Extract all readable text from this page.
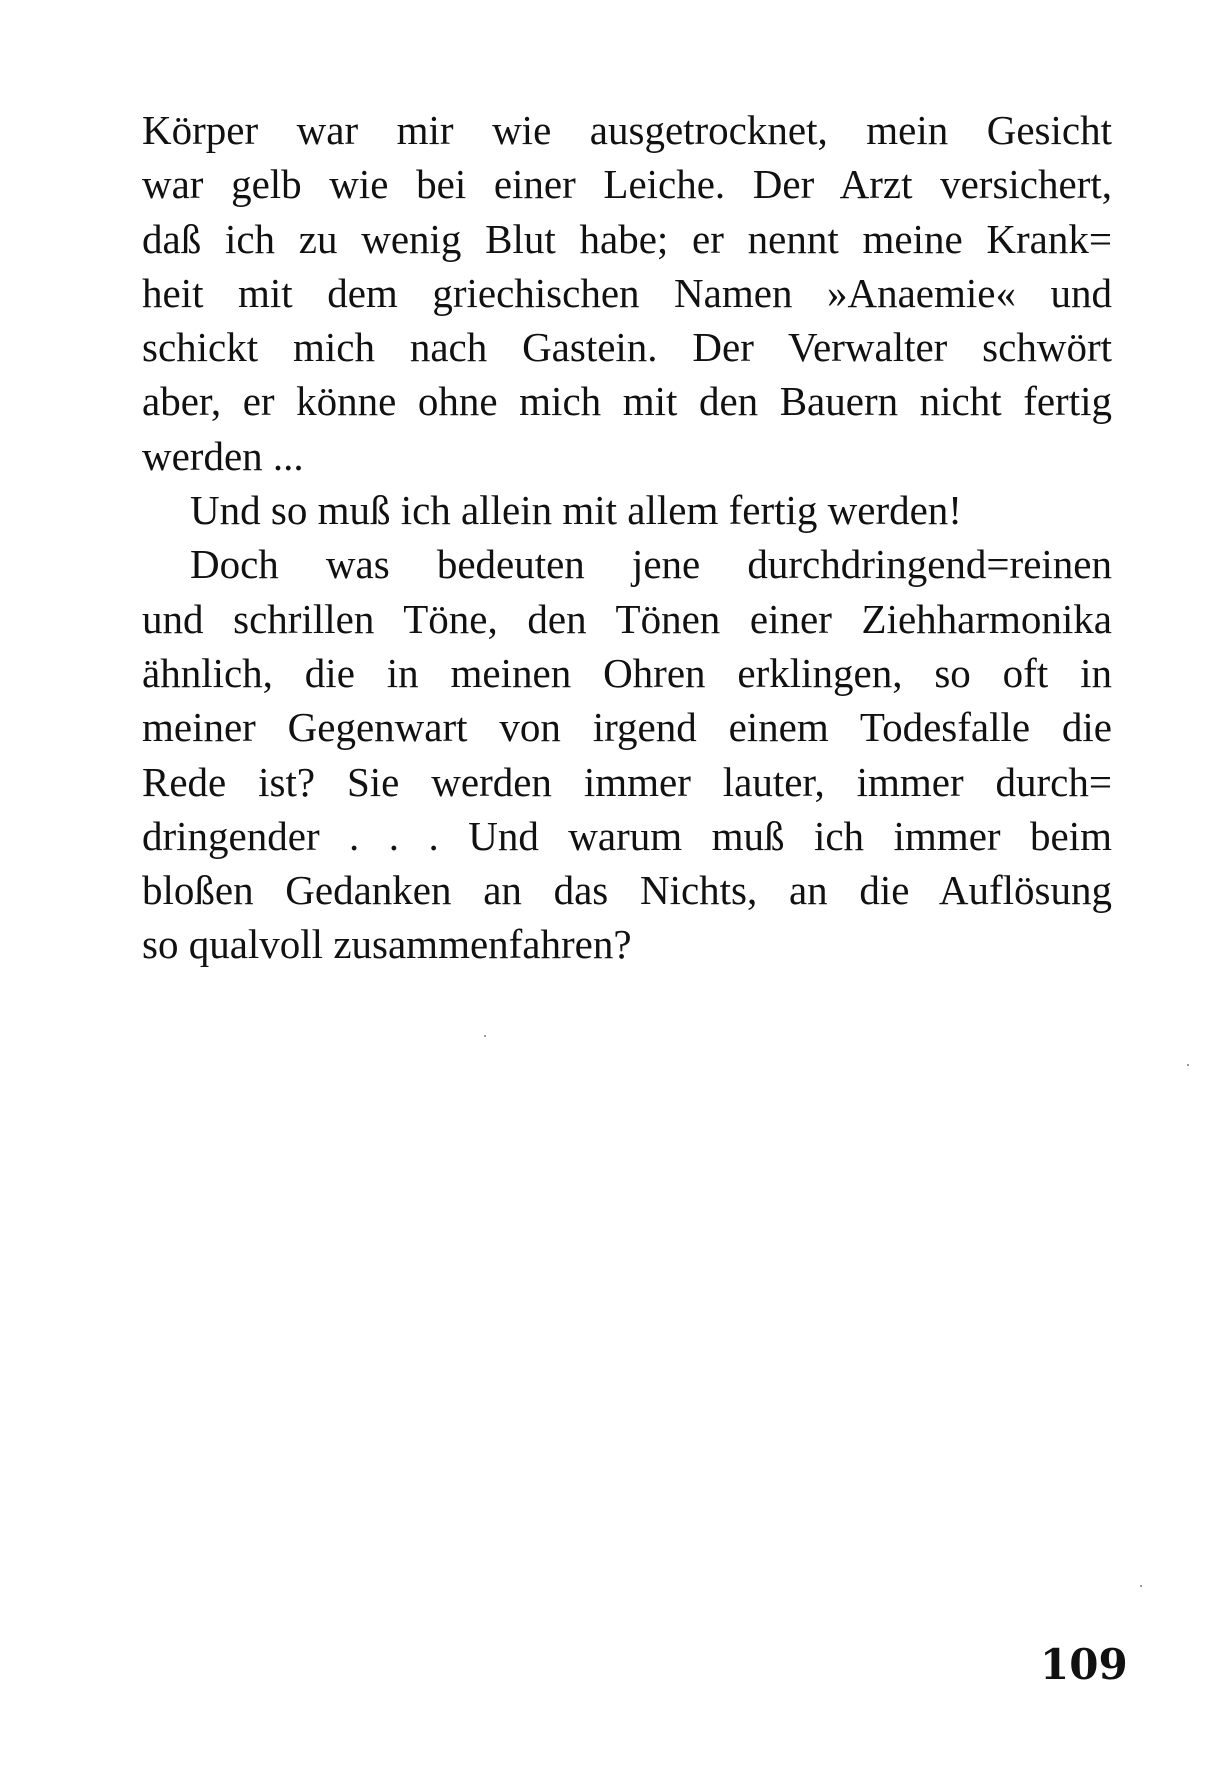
Körper war mir wie ausgetrocknet, mein Gesicht
war gelb wie bei einer Leiche. Der Arzt versichert,
daß ich zu wenig Blut habe; er nennt meine Krank=
heit mit dem griechischen Namen »Anaemie« und
schickt mich nach Gastein. Der Verwalter schwört
aber, er könne ohne mich mit den Bauern nicht fertig
werden ...
Und so muß ich allein mit allem fertig werden!
Doch was bedeuten jene durchdringend=reinen
und schrillen Töne, den Tönen einer Ziehharmonika
ähnlich, die in meinen Ohren erklingen, so oft in
meiner Gegenwart von irgend einem Todesfalle die
Rede ist? Sie werden immer lauter, immer durch=
dringender . . . Und warum muß ich immer beim
bloßen Gedanken an das Nichts, an die Auflösung
so qualvoll zusammenfahren?
109
